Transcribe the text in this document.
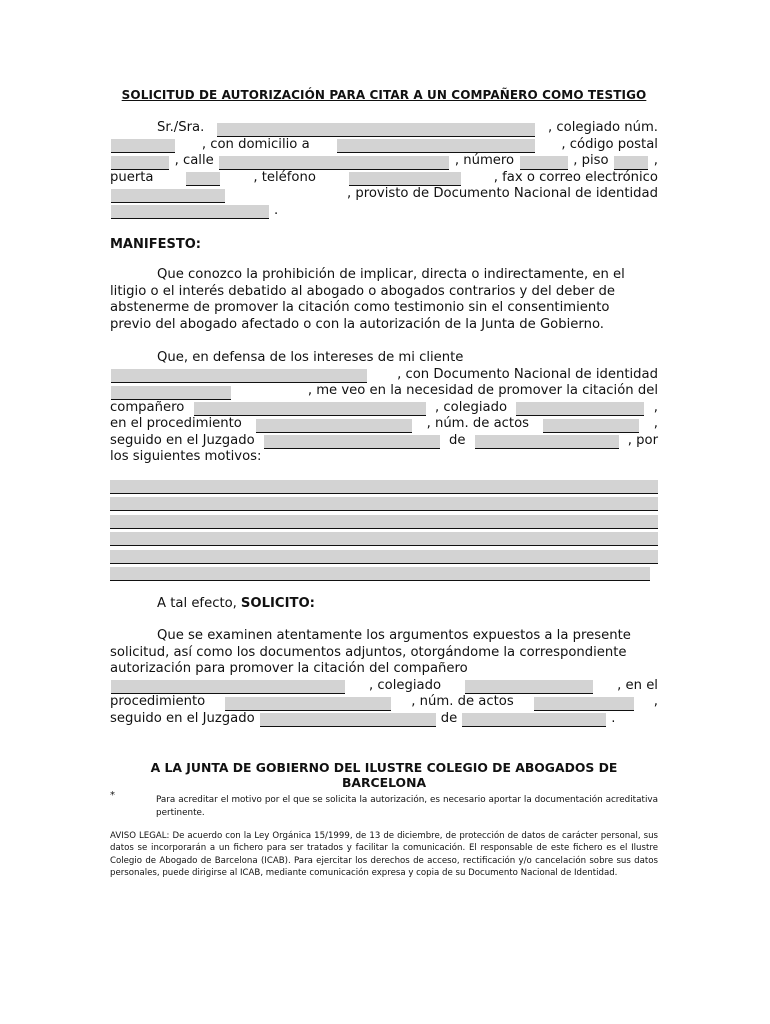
SOLICITUD DE AUTORIZACIÓN PARA CITAR A UN COMPAÑERO COMO TESTIGO
Sr./Sra.	, colegiado núm.
, con domicilio a	, código postal
, calle	, número	, piso	,
puerta	, teléfono	, fax o correo electrónico
, provisto de Documento Nacional de identidad
.
MANIFESTO:
Que conozco la prohibición de implicar, directa o indirectamente, en el
litigio o el interés debatido al abogado o abogados contrarios y del deber de
abstenerme de promover la citación como testimonio sin el consentimiento
previo del abogado afectado o con la autorización de la Junta de Gobierno.
Que, en defensa de los intereses de mi cliente
, con Documento Nacional de identidad
, me veo en la necesidad de promover la citación del
compañero	, colegiado	,
en el procedimiento	, núm. de actos	,
seguido en el Juzgado	de	, por
los siguientes motivos:
A tal efecto, SOLICITO:
Que se examinen atentamente los argumentos expuestos a la presente
solicitud, así como los documentos adjuntos, otorgándome la correspondiente
autorización para promover la citación del compañero
, colegiado	, en el
procedimiento	, núm. de actos	,
seguido en el Juzgado	de	.
A LA JUNTA DE GOBIERNO DEL ILUSTRE COLEGIO DE ABOGADOS DE BARCELONA
*	Para acreditar el motivo por el que se solicita la autorización, es necesario aportar la documentación acreditativa pertinente.
AVISO LEGAL: De acuerdo con la Ley Orgánica 15/1999, de 13 de diciembre, de protección de datos de carácter personal, sus datos se incorporarán a un fichero para ser tratados y facilitar la comunicación. El responsable de este fichero es el Ilustre Colegio de Abogado de Barcelona (ICAB). Para ejercitar los derechos de acceso, rectificación y/o cancelación sobre sus datos personales, puede dirigirse al ICAB, mediante comunicación expresa y copia de su Documento Nacional de Identidad.
